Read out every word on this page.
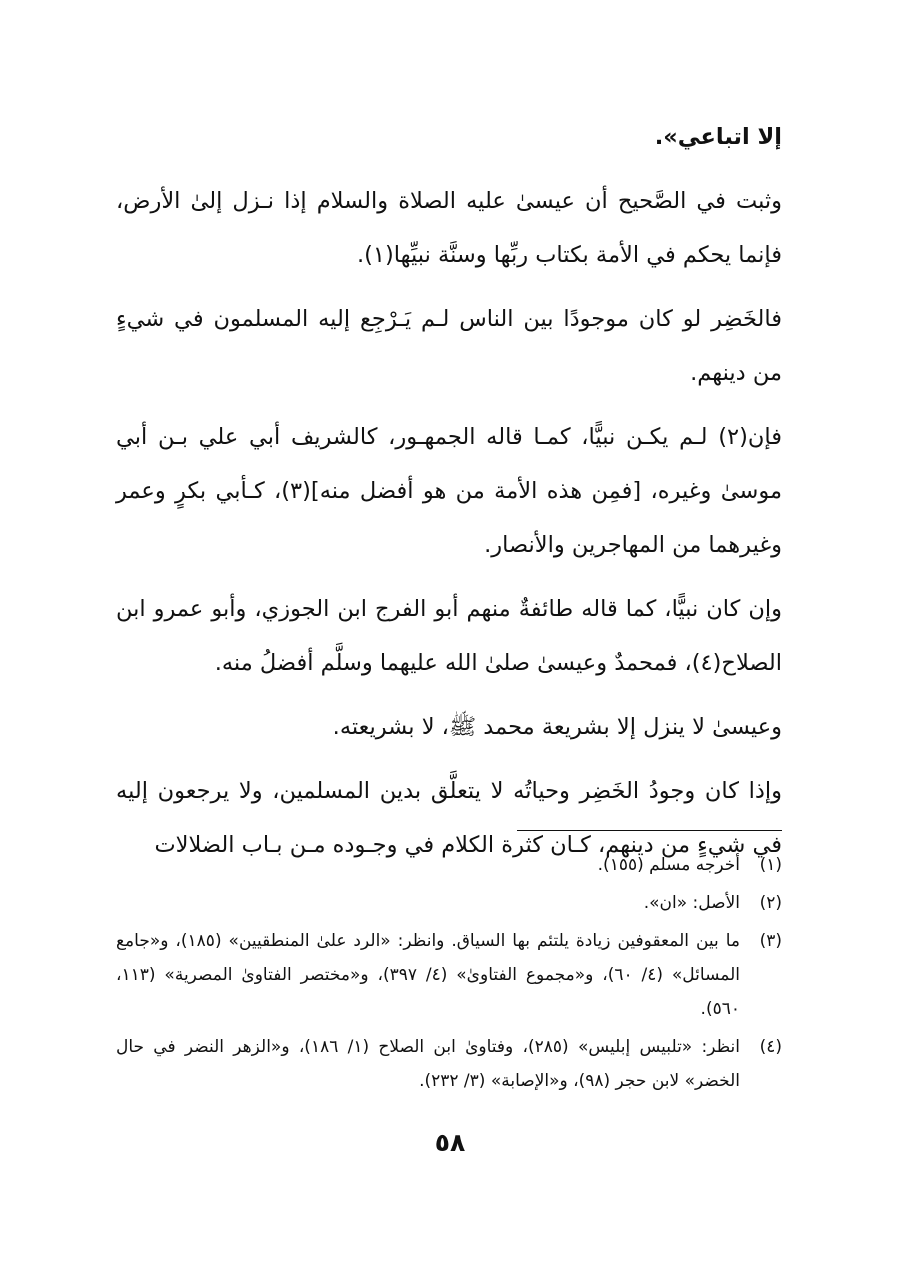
إلا اتباعي».

وثبت في الصَّحيح أن عيسىٰ عليه الصلاة والسلام إذا نـزل إلىٰ الأرض، فإنما يحكم في الأمة بكتاب ربِّها وسنَّة نبيِّها(١).

فالخَضِر لو كان موجودًا بين الناس لـم يَـرْجِع إليه المسلمون في شيءٍ من دينهم.

فإن(٢) لـم يكـن نبيًّا، كمـا قاله الجمهـور، كالشريف أبي علي بـن أبي موسىٰ وغيره، [فمِن هذه الأمة من هو أفضل منه](٣)، كـأبي بكرٍ وعمر وغيرهما من المهاجرين والأنصار.

وإن كان نبيًّا، كما قاله طائفةٌ منهم أبو الفرج ابن الجوزي، وأبو عمرو ابن الصلاح(٤)، فمحمدٌ وعيسىٰ صلىٰ الله عليهما وسلَّم أفضلُ منه.

وعيسىٰ لا ينزل إلا بشريعة محمد ﷺ، لا بشريعته.

وإذا كان وجودُ الخَضِر وحياتُه لا يتعلَّق بدين المسلمين، ولا يرجعون إليه في شيءٍ من دينهم، كـان كثرة الكلام في وجـوده مـن بـاب الضلالات

(١)
أخرجه مسلم (١٥٥).
(٢)
الأصل: «ان».
(٣)
ما بين المعقوفين زيادة يلتئم بها السياق. وانظر: «الرد علىٰ المنطقيين» (١٨٥)، و«جامع المسائل» (٤/ ٦٠)، و«مجموع الفتاوىٰ» (٤/ ٣٩٧)، و«مختصر الفتاوىٰ المصرية» (١١٣، ٥٦٠).
(٤)
انظر: «تلبيس إبليس» (٢٨٥)، وفتاوىٰ ابن الصلاح (١/ ١٨٦)، و«الزهر النضر في حال الخضر» لابن حجر (٩٨)، و«الإصابة» (٣/ ٢٣٢).
٥٨
